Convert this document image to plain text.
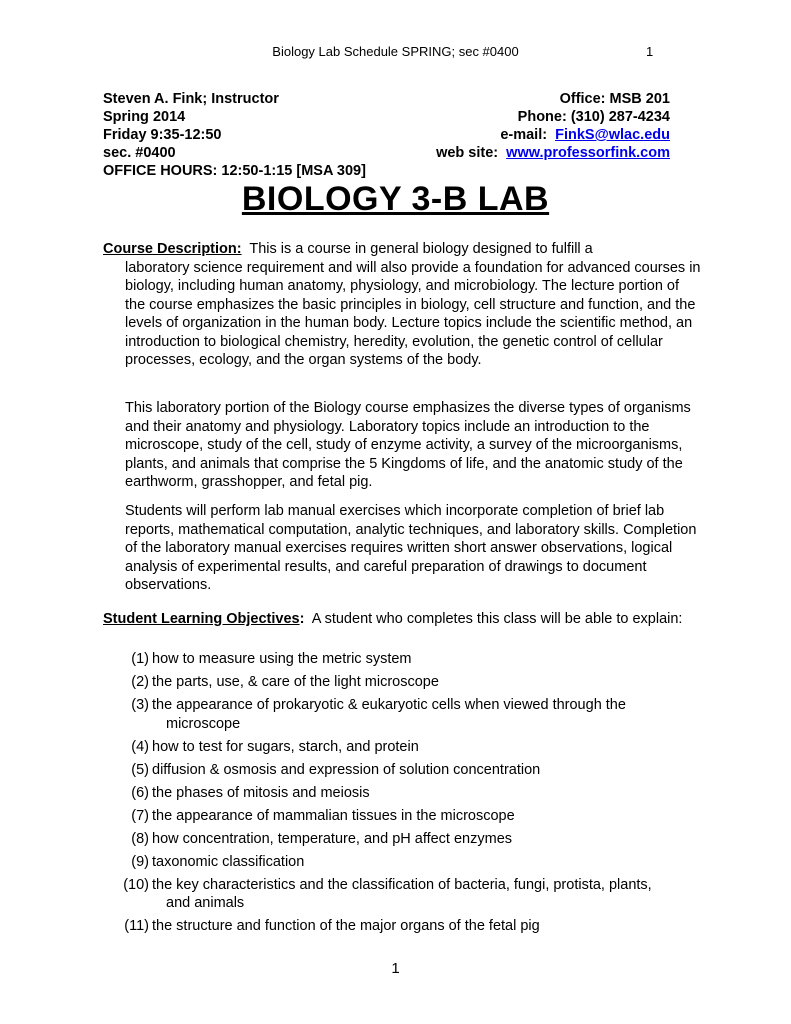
Biology Lab Schedule SPRING; sec #0400	1
Steven A. Fink; Instructor
Spring 2014
Friday 9:35-12:50
sec. #0400
OFFICE HOURS: 12:50-1:15 [MSA 309]
Office: MSB 201
Phone: (310) 287-4234
e-mail:  FinkS@wlac.edu
web site:  www.professorfink.com
BIOLOGY 3-B LAB
Course Description:  This is a course in general biology designed to fulfill a
laboratory science requirement and will also provide a foundation for advanced courses in biology, including human anatomy, physiology, and microbiology. The lecture portion of the course emphasizes the basic principles in biology, cell structure and function, and the levels of organization in the human body. Lecture topics include the scientific method, an introduction to biological chemistry, heredity, evolution, the genetic control of cellular processes, ecology, and the organ systems of the body.
This laboratory portion of the Biology course emphasizes the diverse types of organisms and their anatomy and physiology. Laboratory topics include an introduction to the microscope, study of the cell, study of enzyme activity, a survey of the microorganisms, plants, and animals that comprise the 5 Kingdoms of life, and the anatomic study of the earthworm, grasshopper, and fetal pig.
Students will perform lab manual exercises which incorporate completion of brief lab reports, mathematical computation, analytic techniques, and laboratory skills. Completion of the laboratory manual exercises requires written short answer observations, logical analysis of experimental results, and careful preparation of drawings to document observations.
Student Learning Objectives:  A student who completes this class will be able to explain:
(1) how to measure using the metric system
(2) the parts, use, & care of the light microscope
(3) the appearance of prokaryotic & eukaryotic cells when viewed through the
microscope
(4) how to test for sugars, starch, and protein
(5) diffusion & osmosis and expression of solution concentration
(6) the phases of mitosis and meiosis
(7) the appearance of mammalian tissues in the microscope
(8) how concentration, temperature, and pH affect enzymes
(9) taxonomic classification
(10) the key characteristics and the classification of bacteria, fungi, protista, plants,
and animals
(11) the structure and function of the major organs of the fetal pig
1
